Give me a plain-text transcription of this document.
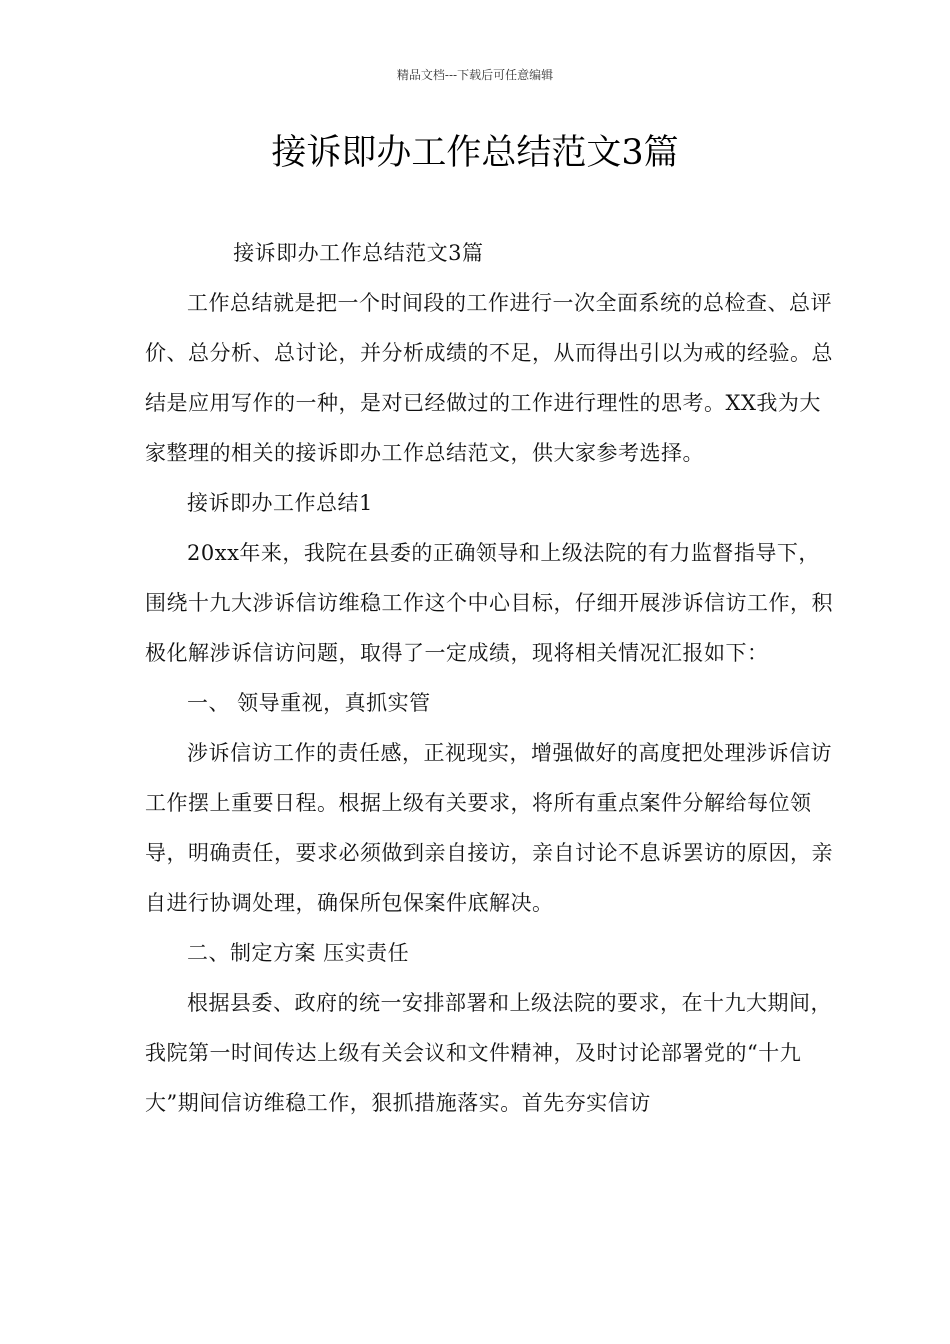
精品文档---下载后可任意编辑
接诉即办工作总结范文3篇

接诉即办工作总结范文3篇

工作总结就是把一个时间段的工作进行一次全面系统的总检查、总评价、总分析、总讨论，并分析成绩的不足，从而得出引以为戒的经验。总结是应用写作的一种，是对已经做过的工作进行理性的思考。XX我为大家整理的相关的接诉即办工作总结范文，供大家参考选择。

接诉即办工作总结1

20xx年来，我院在县委的正确领导和上级法院的有力监督指导下，围绕十九大涉诉信访维稳工作这个中心目标，仔细开展涉诉信访工作，积极化解涉诉信访问题，取得了一定成绩，现将相关情况汇报如下：

一、 领导重视，真抓实管

涉诉信访工作的责任感，正视现实，增强做好的高度把处理涉诉信访工作摆上重要日程。根据上级有关要求，将所有重点案件分解给每位领导，明确责任，要求必须做到亲自接访，亲自讨论不息诉罢访的原因，亲自进行协调处理，确保所包保案件底解决。

二、制定方案 压实责任

根据县委、政府的统一安排部署和上级法院的要求，在十九大期间，我院第一时间传达上级有关会议和文件精神，及时讨论部署党的“十九大”期间信访维稳工作，狠抓措施落实。首先夯实信访
